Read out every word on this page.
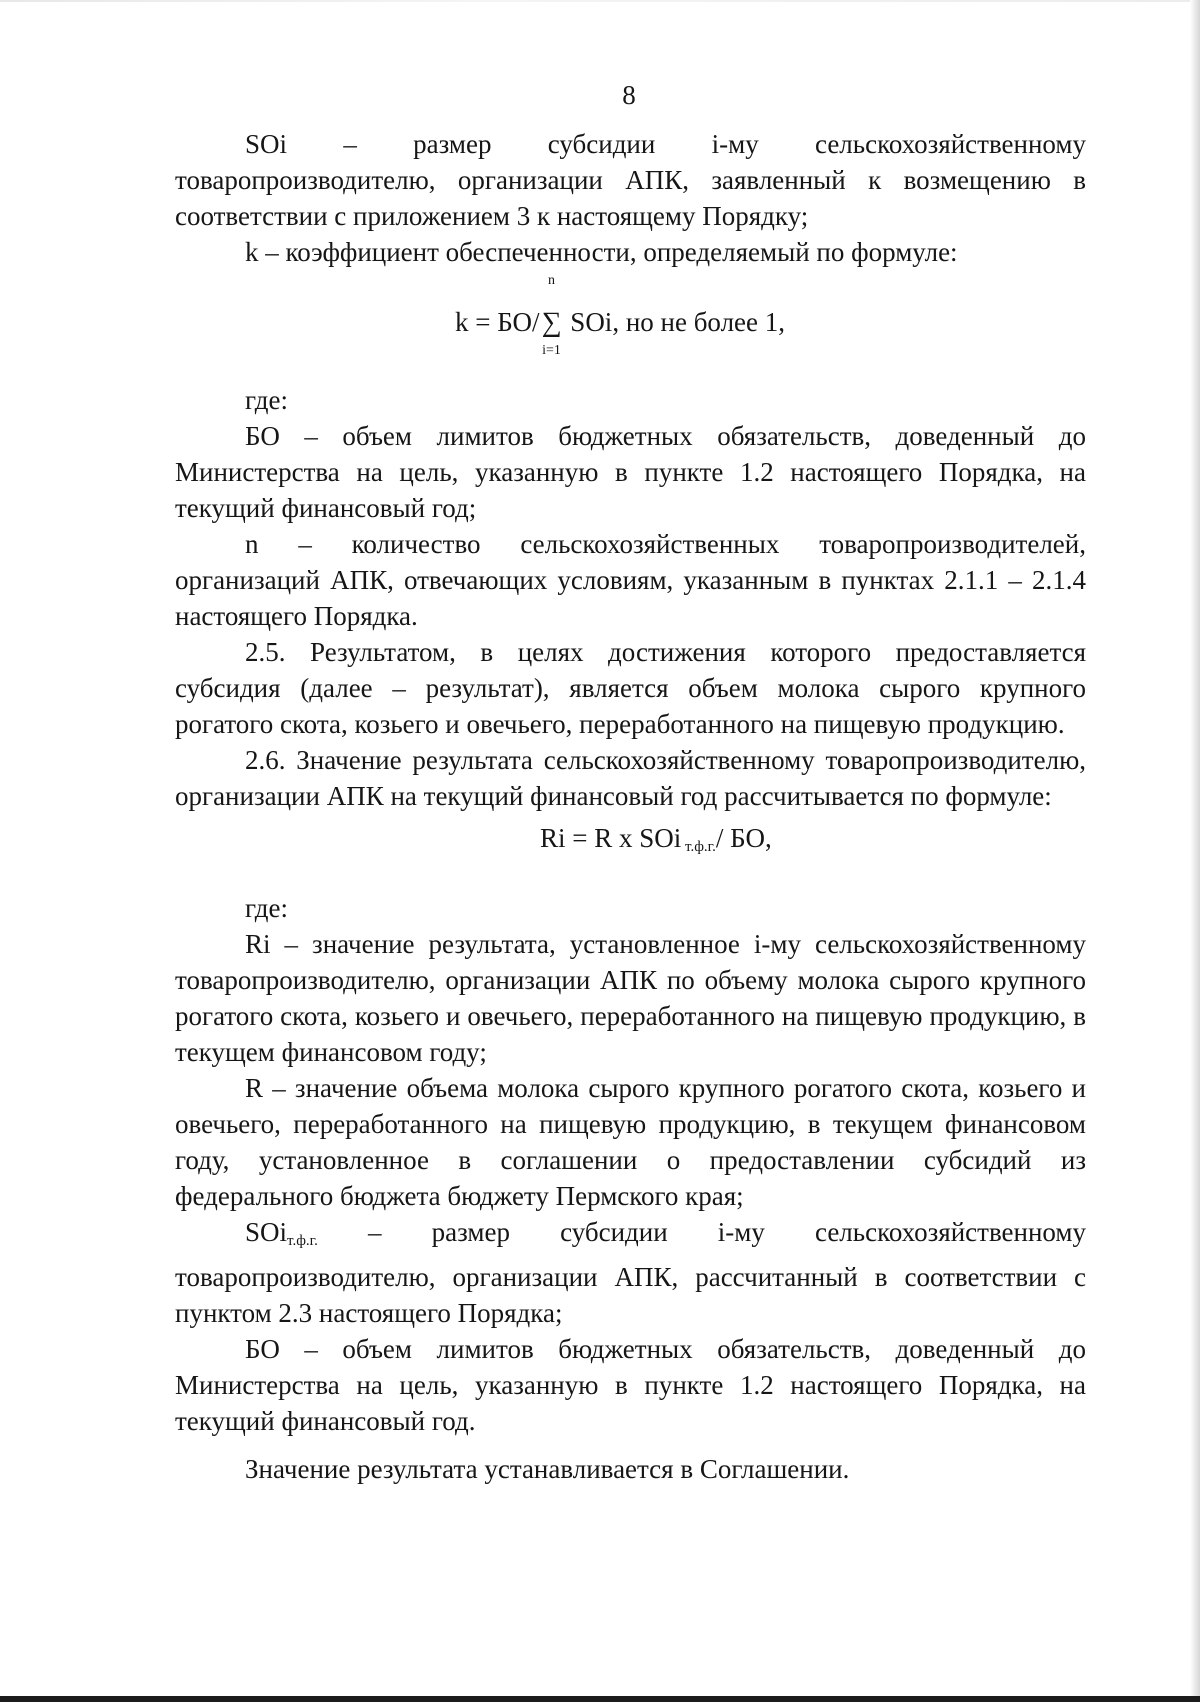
8

SOi – размер субсидии i-му сельскохозяйственному товаропроизводителю, организации АПК, заявленный к возмещению в соответствии с приложением 3 к настоящему Порядку;

k – коэффициент обеспеченности, определяемый по формуле:

k = БО/
n
∑
i=1
SOi, но не более 1,

где:

БО – объем лимитов бюджетных обязательств, доведенный до Министерства на цель, указанную в пункте 1.2 настоящего Порядка, на текущий финансовый год;

n – количество сельскохозяйственных товаропроизводителей, организаций АПК, отвечающих условиям, указанным в пунктах 2.1.1 – 2.1.4 настоящего Порядка.

2.5. Результатом, в целях достижения которого предоставляется субсидия (далее – результат), является объем молока сырого крупного рогатого скота, козьего и овечьего, переработанного на пищевую продукцию.

2.6. Значение результата сельскохозяйственному товаропроизводителю, организации АПК на текущий финансовый год рассчитывается по формуле:

Ri = R x SOi $_{т.ф.г.}$/ БО,

где:

Ri – значение результата, установленное i-му сельскохозяйственному товаропроизводителю, организации АПК по объему молока сырого крупного рогатого скота, козьего и овечьего, переработанного на пищевую продукцию, в текущем финансовом году;

R – значение объема молока сырого крупного рогатого скота, козьего и овечьего, переработанного на пищевую продукцию, в текущем финансовом году, установленное в соглашении о предоставлении субсидий из федерального бюджета бюджету Пермского края;

SOi$_{т.ф.г.}$ – размер субсидии i-му сельскохозяйственному товаропроизводителю, организации АПК, рассчитанный в соответствии с пунктом 2.3 настоящего Порядка;

БО – объем лимитов бюджетных обязательств, доведенный до Министерства на цель, указанную в пункте 1.2 настоящего Порядка, на текущий финансовый год.

Значение результата устанавливается в Соглашении.
